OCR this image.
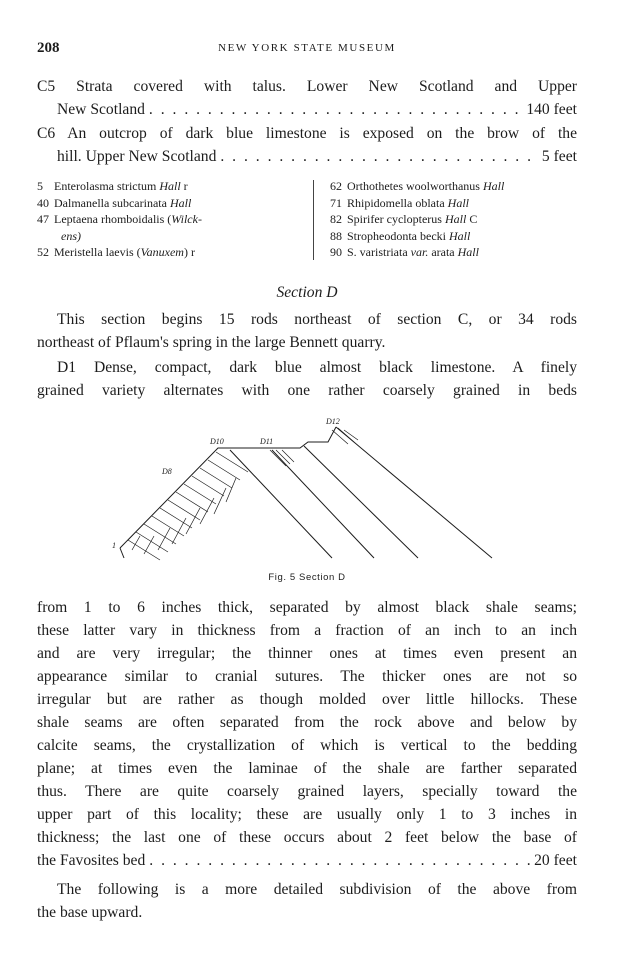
208	NEW YORK STATE MUSEUM
C5 Strata covered with talus. Lower New Scotland and Upper
New Scotland . . .	140 feet
C6 An outcrop of dark blue limestone is exposed on the brow of the
hill. Upper New Scotland . . .	5 feet
5 Enterolasma strictum Hall r
40 Dalmanella subcarinata Hall
47 Leptaena rhomboidalis (Wilck-
ens)
52 Meristella laevis (Vanuxem) r
62 Orthothetes woolworthanus Hall
71 Rhipidomella oblata Hall
82 Spirifer cyclopterus Hall C
88 Stropheodonta becki Hall
90 S. varistriata var. arata Hall
Section D
This section begins 15 rods northeast of section C, or 34 rods
northeast of Pflaum's spring in the large Bennett quarry.
D1 Dense, compact, dark blue almost black limestone. A finely
grained variety alternates with one rather coarsely grained in beds
1
D8
D10	D11
D12
Fig. 5 Section D
from 1 to 6 inches thick, separated by almost black shale seams;
these latter vary in thickness from a fraction of an inch to an inch
and are very irregular; the thinner ones at times even present an
appearance similar to cranial sutures. The thicker ones are not so
irregular but are rather as though molded over little hillocks. These
shale seams are often separated from the rock above and below by
calcite seams, the crystallization of which is vertical to the bedding
plane; at times even the laminae of the shale are farther separated
thus. There are quite coarsely grained layers, specially toward the
upper part of this locality; these are usually only 1 to 3 inches in
thickness; the last one of these occurs about 2 feet below the base of
the Favosites bed . . .	20 feet
The following is a more detailed subdivision of the above from
the base upward.
